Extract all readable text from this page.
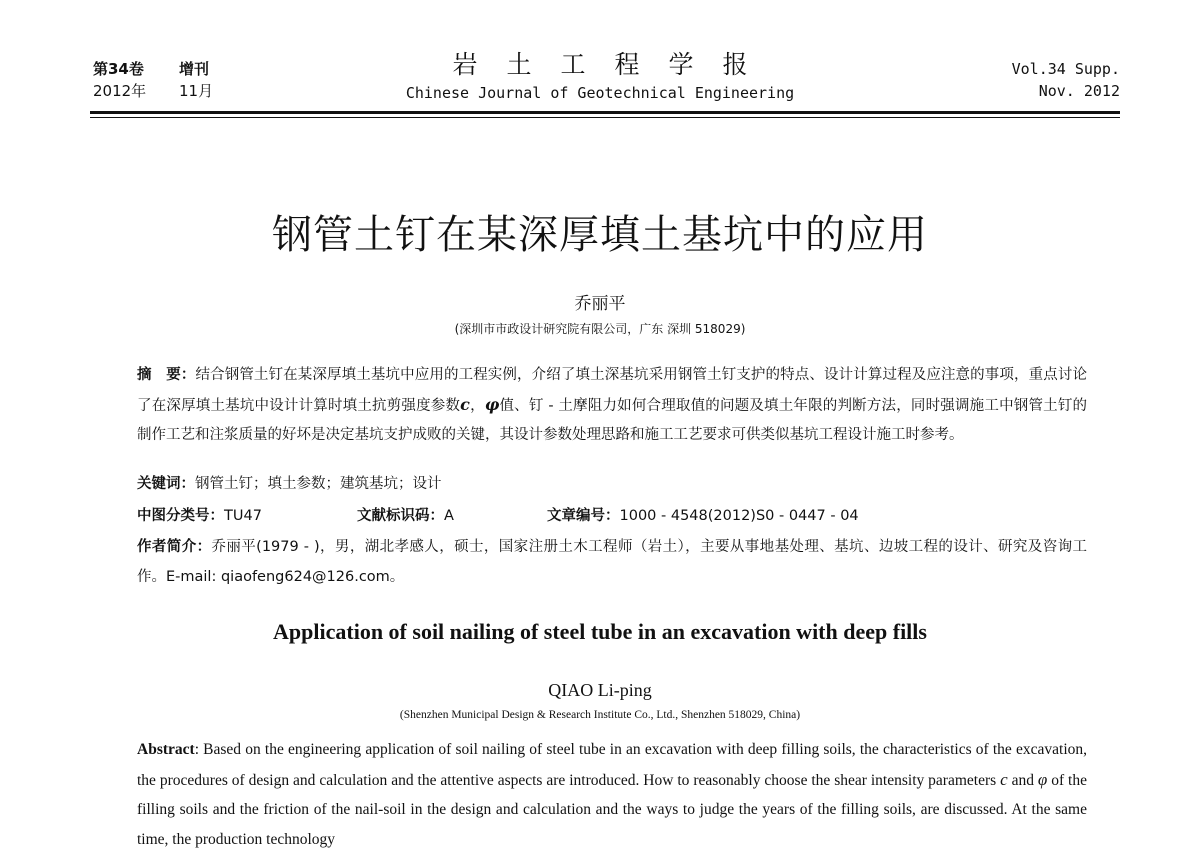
第34卷	增刊
2012年	11月
岩土工程学报
Chinese Journal of Geotechnical Engineering
Vol.34 Supp.
Nov. 2012
钢管土钉在某深厚填土基坑中的应用
乔丽平
(深圳市市政设计研究院有限公司，广东 深圳 518029)
摘　要：结合钢管土钉在某深厚填土基坑中应用的工程实例，介绍了填土深基坑采用钢管土钉支护的特点、设计计算过程及应注意的事项，重点讨论了在深厚填土基坑中设计计算时填土抗剪强度参数c，φ值、钉 - 土摩阻力如何合理取值的问题及填土年限的判断方法，同时强调施工中钢管土钉的制作工艺和注浆质量的好坏是决定基坑支护成败的关键，其设计参数处理思路和施工工艺要求可供类似基坑工程设计施工时参考。
关键词：钢管土钉；填土参数；建筑基坑；设计
中图分类号：TU47	文献标识码：A	文章编号：1000 - 4548(2012)S0 - 0447 - 04
作者简介：乔丽平(1979 - )，男，湖北孝感人，硕士，国家注册土木工程师（岩土），主要从事地基处理、基坑、边坡工程的设计、研究及咨询工作。E-mail: qiaofeng624@126.com。
Application of soil nailing of steel tube in an excavation with deep fills
QIAO Li-ping
(Shenzhen Municipal Design & Research Institute Co., Ltd., Shenzhen 518029, China)
Abstract: Based on the engineering application of soil nailing of steel tube in an excavation with deep filling soils, the characteristics of the excavation, the procedures of design and calculation and the attentive aspects are introduced. How to reasonably choose the shear intensity parameters c and φ of the filling soils and the friction of the nail-soil in the design and calculation and the ways to judge the years of the filling soils, are discussed. At the same time, the production technology
